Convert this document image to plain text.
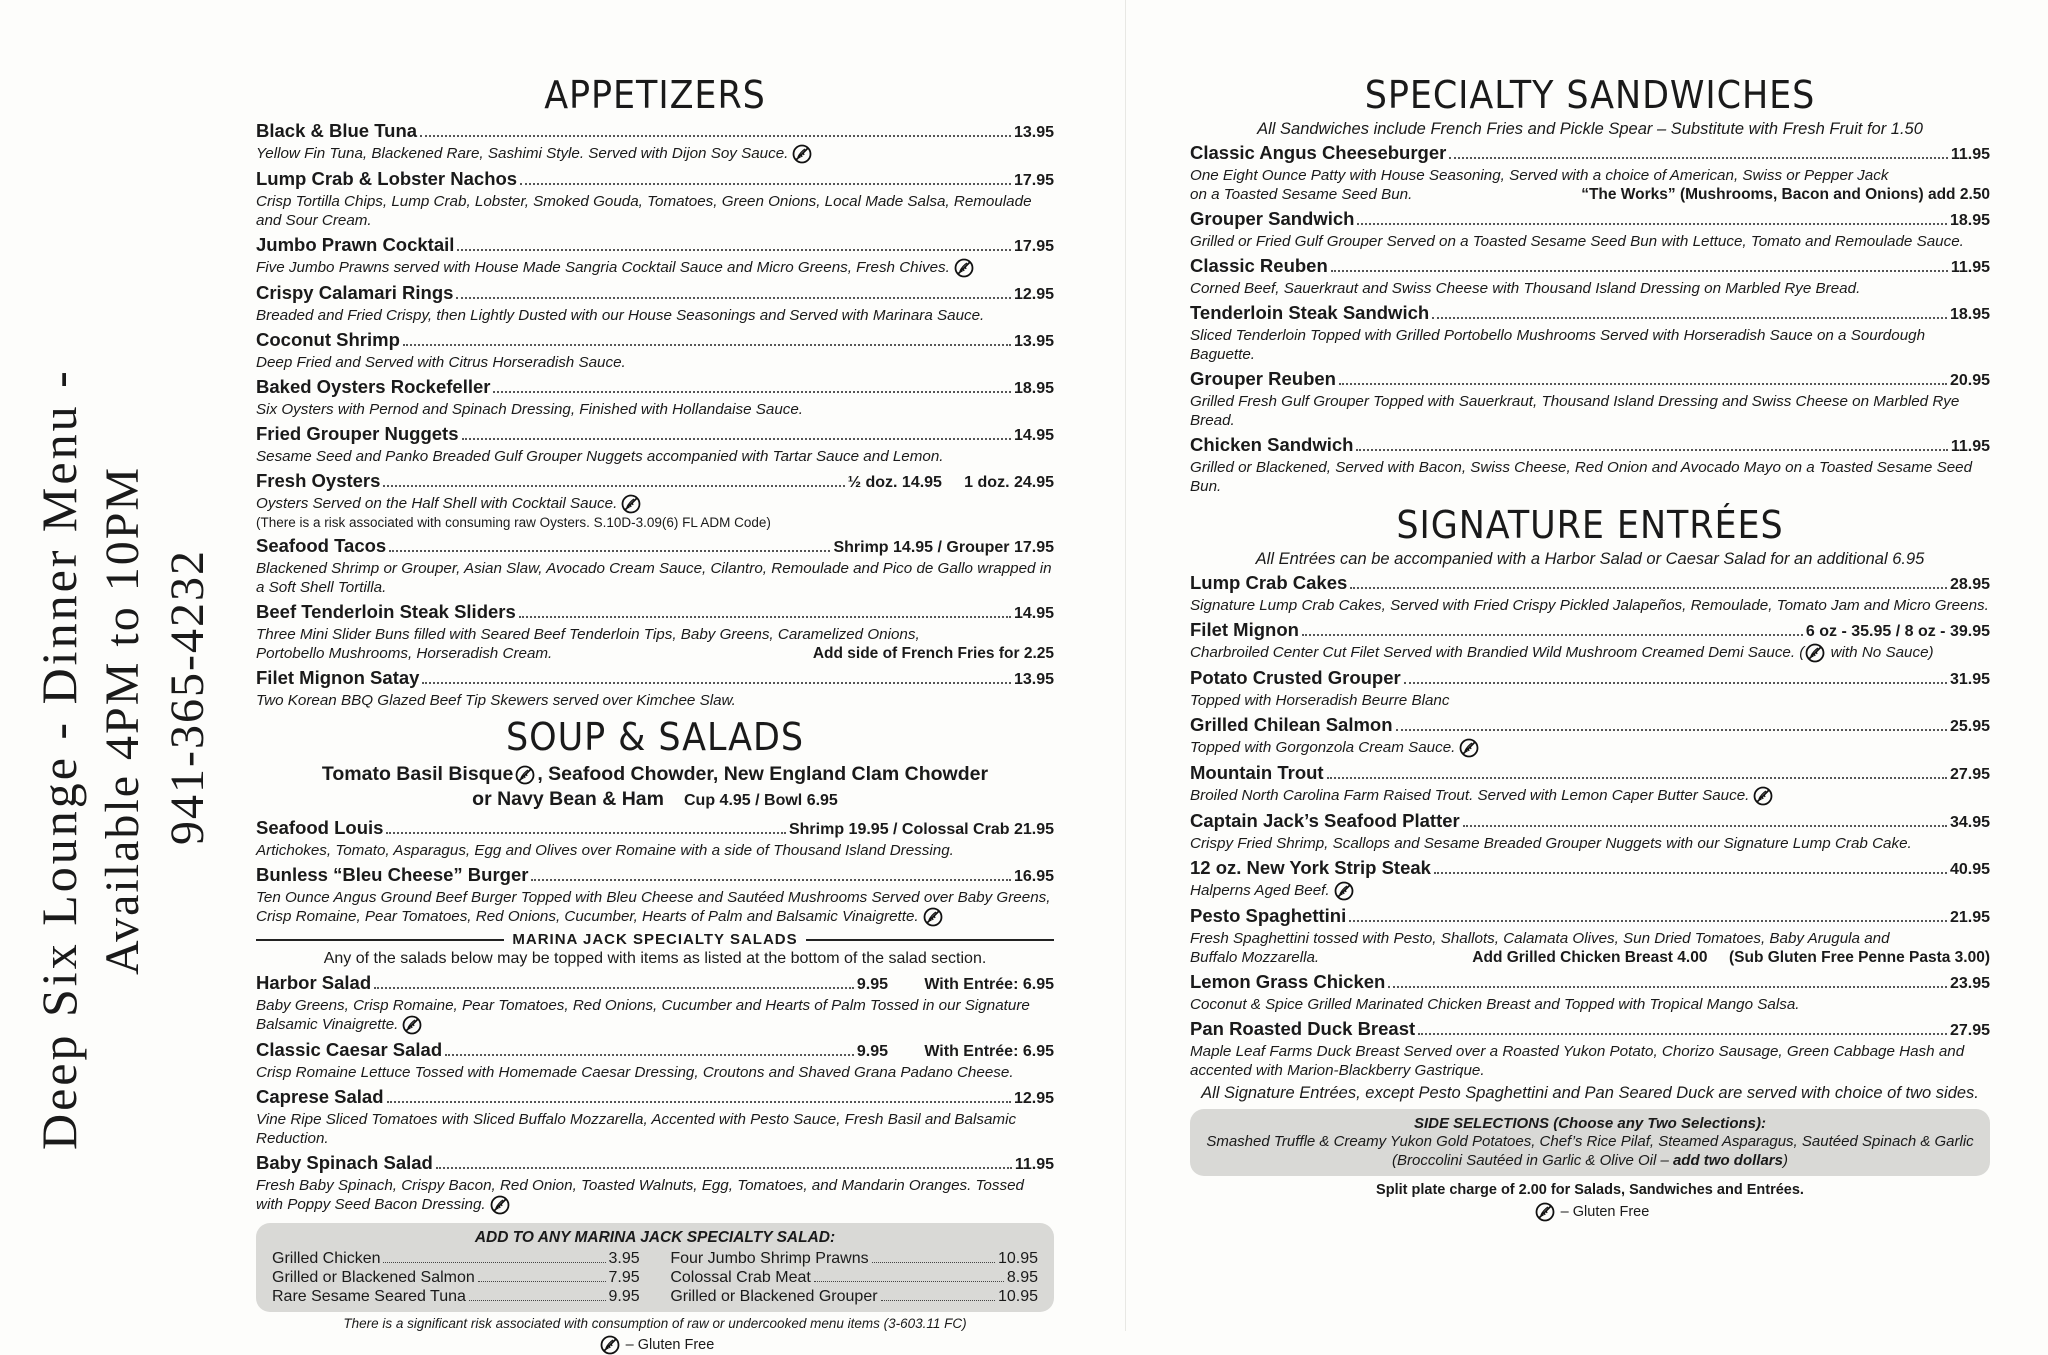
Deep Six Lounge - Dinner Menu - Available 4PM to 10PM 941-365-4232
APPETIZERS
Black & Blue Tuna	13.95

Yellow Fin Tuna, Blackened Rare, Sashimi Style. Served with Dijon Soy Sauce.

Lump Crab & Lobster Nachos	17.95

Crisp Tortilla Chips, Lump Crab, Lobster, Smoked Gouda, Tomatoes, Green Onions, Local Made Salsa, Remoulade and Sour Cream.

Jumbo Prawn Cocktail	17.95

Five Jumbo Prawns served with House Made Sangria Cocktail Sauce and Micro Greens, Fresh Chives.

Crispy Calamari Rings	12.95

Breaded and Fried Crispy, then Lightly Dusted with our House Seasonings and Served with Marinara Sauce.

Coconut Shrimp	13.95

Deep Fried and Served with Citrus Horseradish Sauce.

Baked Oysters Rockefeller	18.95

Six Oysters with Pernod and Spinach Dressing, Finished with Hollandaise Sauce.

Fried Grouper Nuggets	14.95

Sesame Seed and Panko Breaded Gulf Grouper Nuggets accompanied with Tartar Sauce and Lemon.

Fresh Oysters	½ doz. 14.95     1 doz. 24.95

Oysters Served on the Half Shell with Cocktail Sauce.

(There is a risk associated with consuming raw Oysters. S.10D-3.09(6) FL ADM Code)

Seafood Tacos	Shrimp 14.95 / Grouper 17.95

Blackened Shrimp or Grouper, Asian Slaw, Avocado Cream Sauce, Cilantro, Remoulade and Pico de Gallo wrapped in a Soft Shell Tortilla.

Beef Tenderloin Steak Sliders	14.95

Three Mini Slider Buns filled with Seared Beef Tenderloin Tips, Baby Greens, Caramelized Onions,

Portobello Mushrooms, Horseradish Cream.	Add side of French Fries for 2.25
Filet Mignon Satay	13.95

Two Korean BBQ Glazed Beef Tip Skewers served over Kimchee Slaw.

SOUP & SALADS
Tomato Basil Bisque , Seafood Chowder, New England Clam Chowder
or Navy Bean & Ham Cup 4.95 / Bowl 6.95
Seafood Louis	Shrimp 19.95 / Colossal Crab 21.95

Artichokes, Tomato, Asparagus, Egg and Olives over Romaine with a side of Thousand Island Dressing.

Bunless “Bleu Cheese” Burger	16.95

Ten Ounce Angus Ground Beef Burger Topped with Bleu Cheese and Sautéed Mushrooms Served over Baby Greens, Crisp Romaine, Pear Tomatoes, Red Onions, Cucumber, Hearts of Palm and Balsamic Vinaigrette.

MARINA JACK SPECIALTY SALADS

Any of the salads below may be topped with items as listed at the bottom of the salad section.

Harbor Salad	9.95 With Entrée: 6.95

Baby Greens, Crisp Romaine, Pear Tomatoes, Red Onions, Cucumber and Hearts of Palm Tossed in our Signature Balsamic Vinaigrette.

Classic Caesar Salad	9.95 With Entrée: 6.95

Crisp Romaine Lettuce Tossed with Homemade Caesar Dressing, Croutons and Shaved Grana Padano Cheese.

Caprese Salad	12.95

Vine Ripe Sliced Tomatoes with Sliced Buffalo Mozzarella, Accented with Pesto Sauce, Fresh Basil and Balsamic Reduction.

Baby Spinach Salad	11.95

Fresh Baby Spinach, Crispy Bacon, Red Onion, Toasted Walnuts, Egg, Tomatoes, and Mandarin Oranges. Tossed with Poppy Seed Bacon Dressing.

ADD TO ANY MARINA JACK SPECIALTY SALAD:
Grilled Chicken	3.95
Grilled or Blackened Salmon	7.95
Rare Sesame Seared Tuna	9.95
Four Jumbo Shrimp Prawns	10.95
Colossal Crab Meat	8.95
Grilled or Blackened Grouper	10.95

There is a significant risk associated with consumption of raw or undercooked menu items (3-603.11 FC)

– Gluten Free
SPECIALTY SANDWICHES

All Sandwiches include French Fries and Pickle Spear – Substitute with Fresh Fruit for 1.50

Classic Angus Cheeseburger	11.95

One Eight Ounce Patty with House Seasoning, Served with a choice of American, Swiss or Pepper Jack

on a Toasted Sesame Seed Bun.	“The Works” (Mushrooms, Bacon and Onions) add 2.50
Grouper Sandwich	18.95

Grilled or Fried Gulf Grouper Served on a Toasted Sesame Seed Bun with Lettuce, Tomato and Remoulade Sauce.

Classic Reuben	11.95

Corned Beef, Sauerkraut and Swiss Cheese with Thousand Island Dressing on Marbled Rye Bread.

Tenderloin Steak Sandwich	18.95

Sliced Tenderloin Topped with Grilled Portobello Mushrooms Served with Horseradish Sauce on a Sourdough Baguette.

Grouper Reuben	20.95

Grilled Fresh Gulf Grouper Topped with Sauerkraut, Thousand Island Dressing and Swiss Cheese on Marbled Rye Bread.

Chicken Sandwich	11.95

Grilled or Blackened, Served with Bacon, Swiss Cheese, Red Onion and Avocado Mayo on a Toasted Sesame Seed Bun.

SIGNATURE ENTRÉES

All Entrées can be accompanied with a Harbor Salad or Caesar Salad for an additional 6.95

Lump Crab Cakes	28.95

Signature Lump Crab Cakes, Served with Fried Crispy Pickled Jalapeños, Remoulade, Tomato Jam and Micro Greens.

Filet Mignon	6 oz - 35.95 / 8 oz - 39.95

Charbroiled Center Cut Filet Served with Brandied Wild Mushroom Creamed Demi Sauce. ( with No Sauce)

Potato Crusted Grouper	31.95

Topped with Horseradish Beurre Blanc

Grilled Chilean Salmon	25.95

Topped with Gorgonzola Cream Sauce.

Mountain Trout	27.95

Broiled North Carolina Farm Raised Trout. Served with Lemon Caper Butter Sauce.

Captain Jack’s Seafood Platter	34.95

Crispy Fried Shrimp, Scallops and Sesame Breaded Grouper Nuggets with our Signature Lump Crab Cake.

12 oz. New York Strip Steak	40.95

Halperns Aged Beef.

Pesto Spaghettini	21.95

Fresh Spaghettini tossed with Pesto, Shallots, Calamata Olives, Sun Dried Tomatoes, Baby Arugula and

Buffalo Mozzarella.	Add Grilled Chicken Breast 4.00 (Sub Gluten Free Penne Pasta 3.00)
Lemon Grass Chicken	23.95

Coconut & Spice Grilled Marinated Chicken Breast and Topped with Tropical Mango Salsa.

Pan Roasted Duck Breast	27.95

Maple Leaf Farms Duck Breast Served over a Roasted Yukon Potato, Chorizo Sausage, Green Cabbage Hash and accented with Marion-Blackberry Gastrique.

All Signature Entrées, except Pesto Spaghettini and Pan Seared Duck are served with choice of two sides.

SIDE SELECTIONS (Choose any Two Selections):
Smashed Truffle & Creamy Yukon Gold Potatoes, Chef’s Rice Pilaf, Steamed Asparagus, Sautéed Spinach & Garlic
(Broccolini Sautéed in Garlic & Olive Oil – add two dollars)

Split plate charge of 2.00 for Salads, Sandwiches and Entrées.

– Gluten Free
